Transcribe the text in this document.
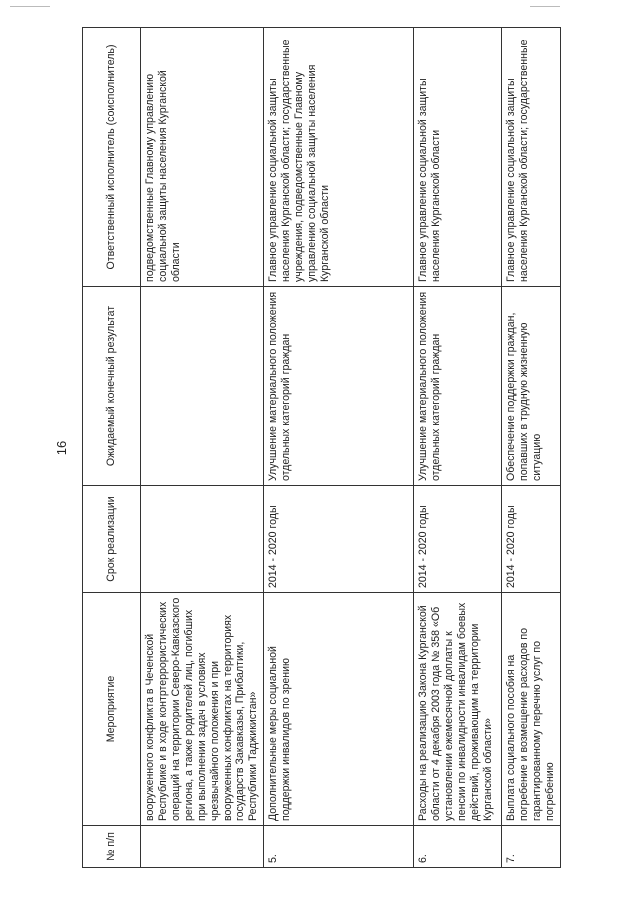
16
№ п/п	Мероприятие	Срок реализации	Ожидаемый конечный результат	Ответственный исполнитель (соисполнитель)
	вооруженного конфликта в Чеченской Республике и в ходе контртеррористических операций на территории Северо-Кавказского региона, а также родителей лиц, погибших при выполнении задач в условиях чрезвычайного положения и при вооруженных конфликтах на территориях государств Закавказья, Прибалтики, Республики Таджикистан»			подведомственные Главному управлению социальной защиты населения Курганской области
5.	Дополнительные меры социальной поддержки инвалидов по зрению	2014 - 2020 годы	Улучшение материального положения отдельных категорий граждан	Главное управление социальной защиты населения Курганской области; государственные учреждения, подведомственные Главному управлению социальной защиты населения Курганской области
6.	Расходы на реализацию Закона Курганской области от 4 декабря 2003 года № 358 «Об установлении ежемесячной доплаты к пенсии по инвалидности инвалидам боевых действий, проживающим на территории Курганской области»	2014 - 2020 годы	Улучшение материального положения отдельных категорий граждан	Главное управление социальной защиты населения Курганской области
7.	Выплата социального пособия на погребение и возмещение расходов по гарантированному перечню услуг по погребению	2014 - 2020 годы	Обеспечение поддержки граждан, попавших в трудную жизненную ситуацию	Главное управление социальной защиты населения Курганской области; государственные
